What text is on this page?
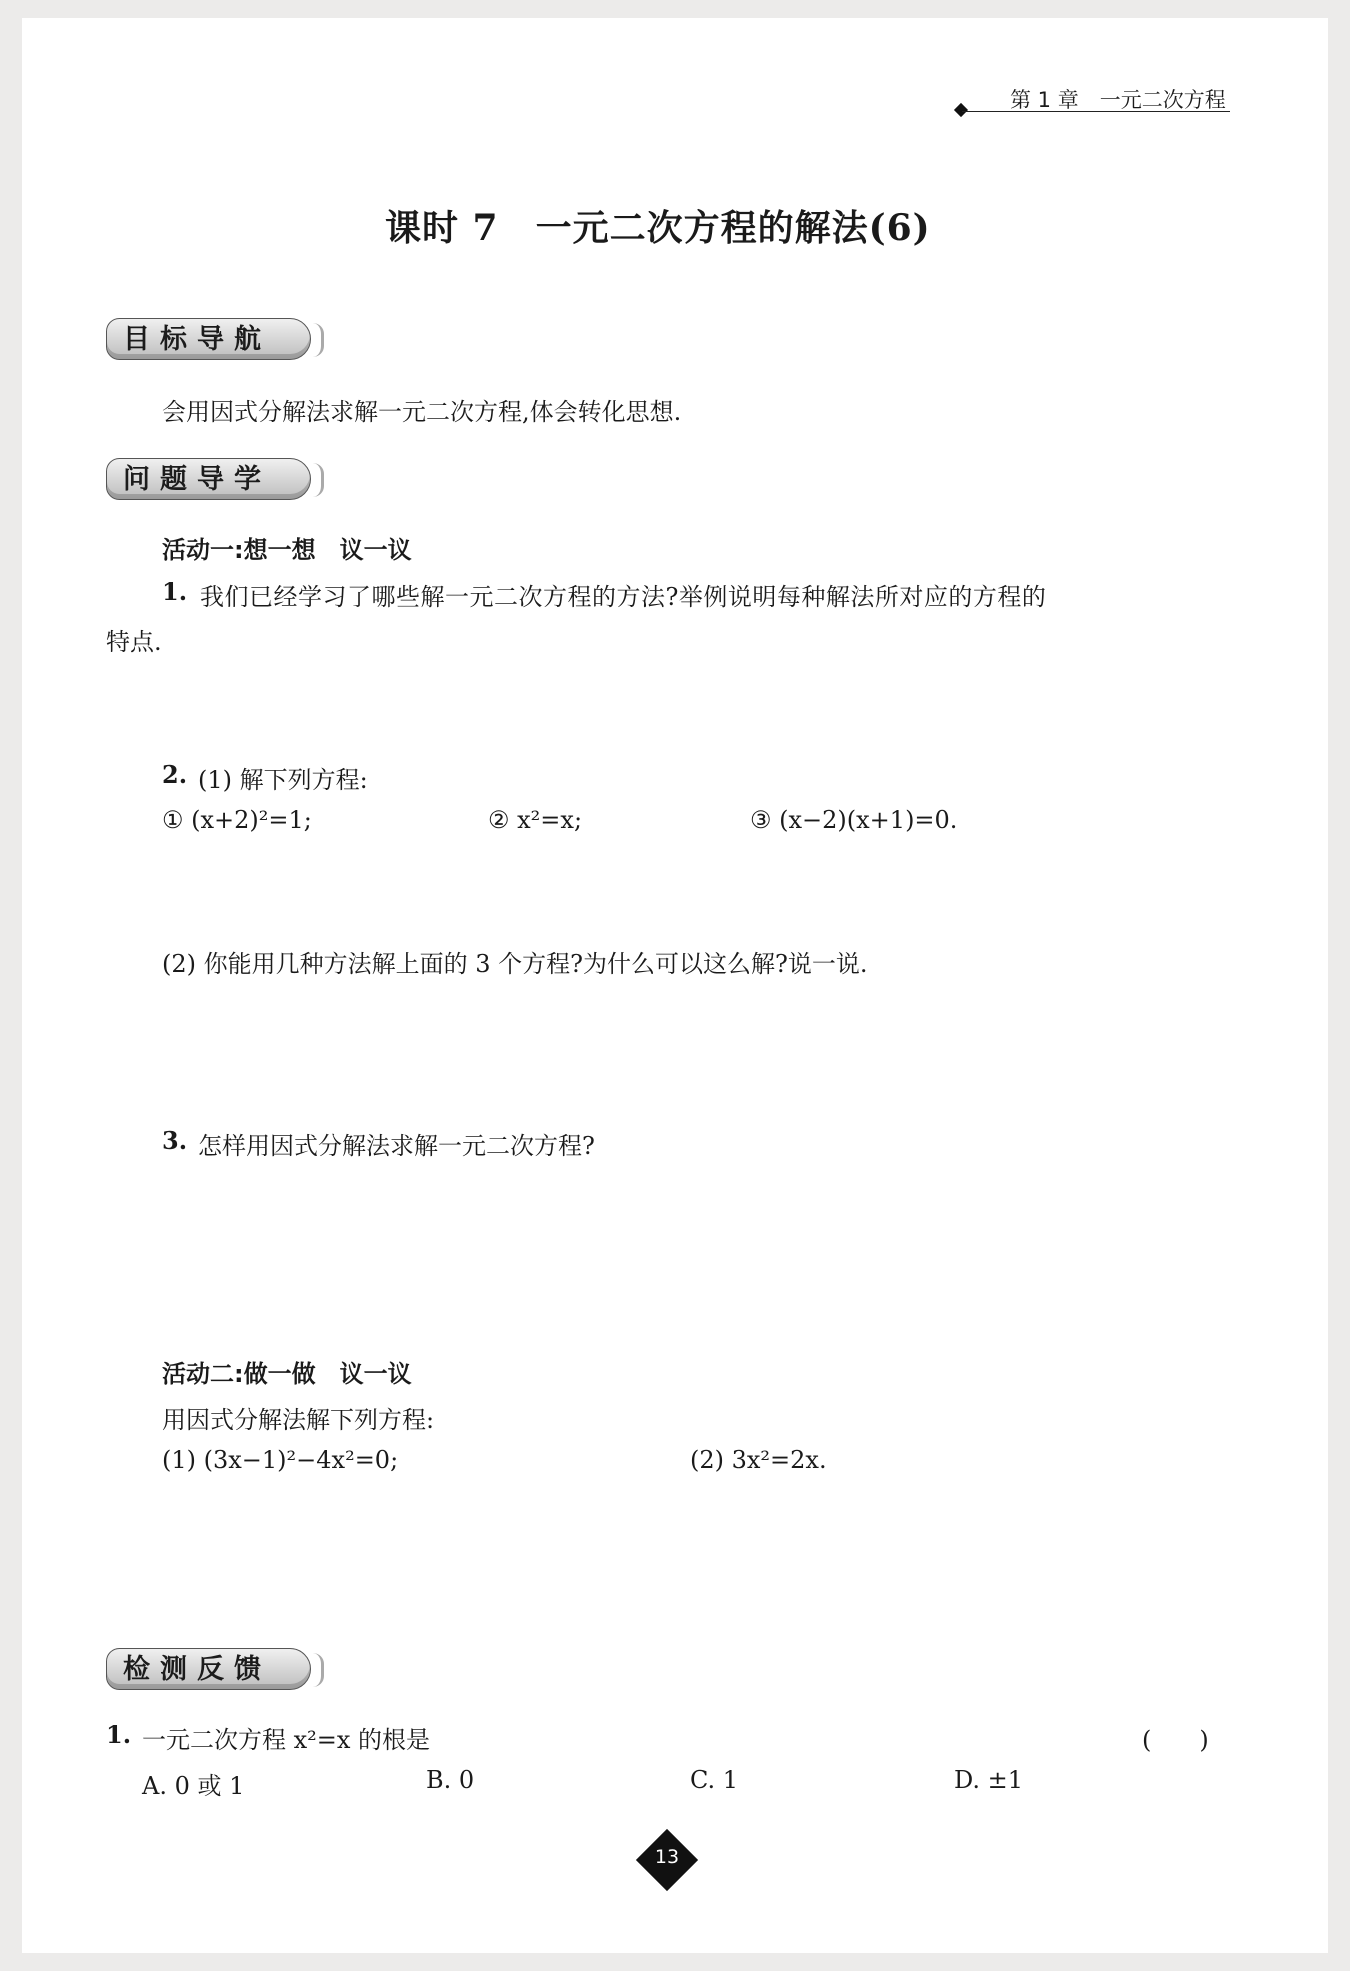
第 1 章　一元二次方程
课时 7　一元二次方程的解法(6)
目标导航
会用因式分解法求解一元二次方程,体会转化思想.
问题导学
活动一:想一想　议一议
1. 我们已经学习了哪些解一元二次方程的方法?举例说明每种解法所对应的方程的
特点.
2. (1) 解下列方程:
① (x+2)²=1;	② x²=x;	③ (x−2)(x+1)=0.
(2) 你能用几种方法解上面的 3 个方程?为什么可以这么解?说一说.
3. 怎样用因式分解法求解一元二次方程?
活动二:做一做　议一议
用因式分解法解下列方程:
(1) (3x−1)²−4x²=0;	(2) 3x²=2x.
检测反馈
1. 一元二次方程 x²=x 的根是	(　　)
A. 0 或 1	B. 0	C. 1	D. ±1
13
